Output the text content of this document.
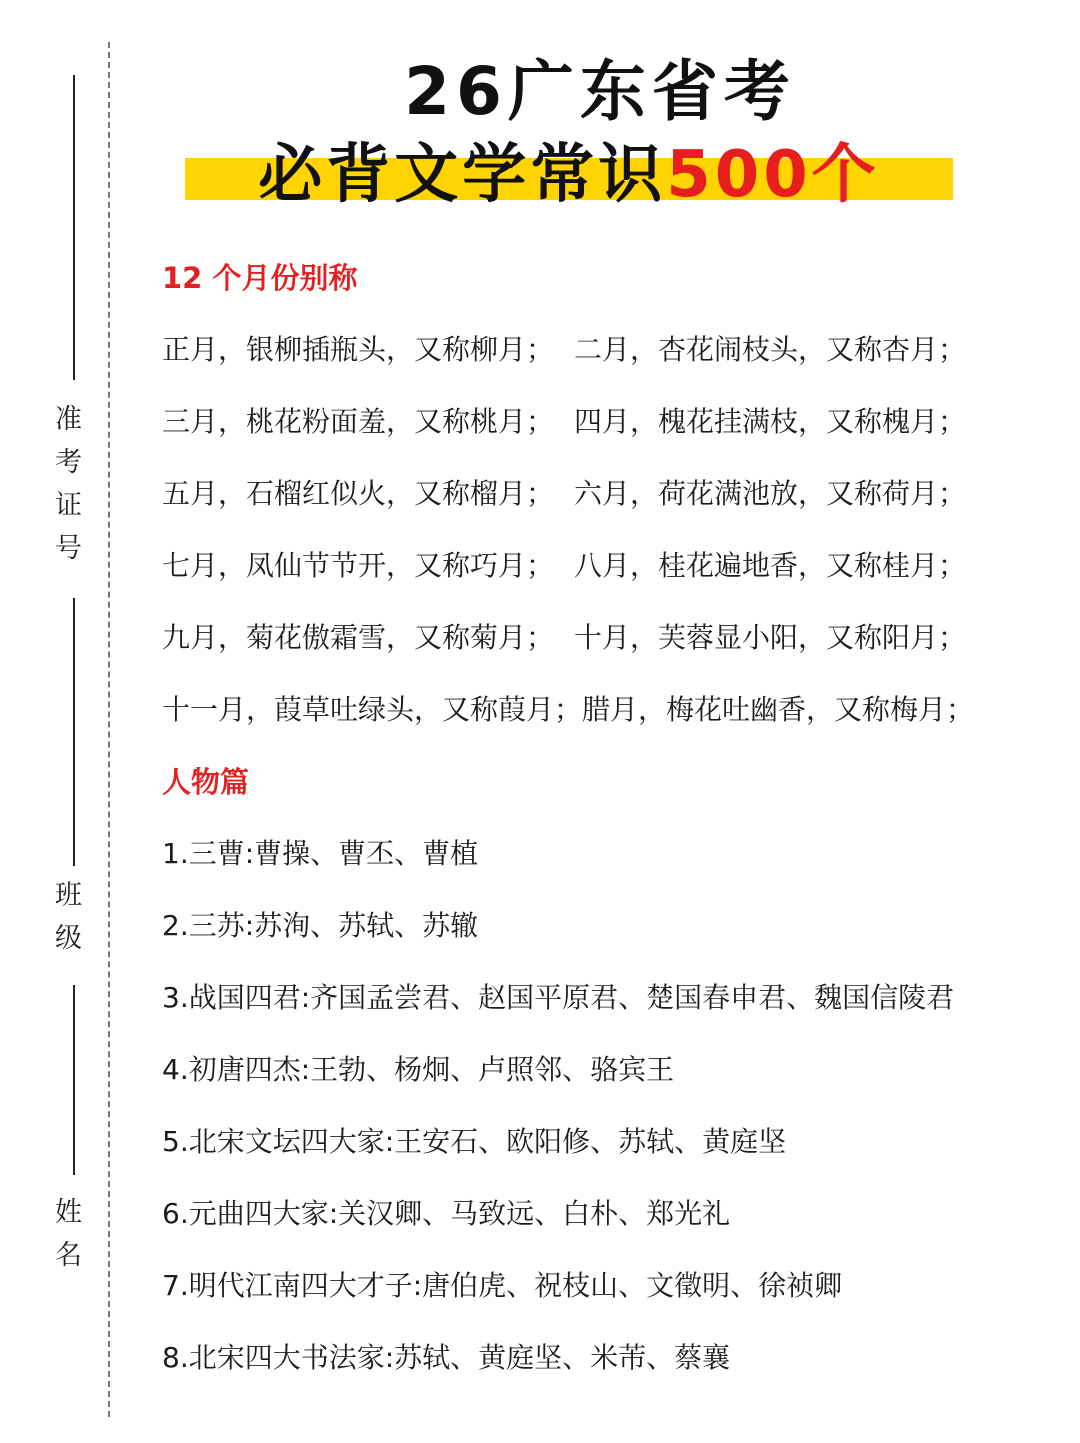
准考证号
班级
姓名
26广东省考
必背文学常识500个
12 个月份别称
正月，银柳插瓶头，又称柳月； 二月，杏花闹枝头，又称杏月；
三月，桃花粉面羞，又称桃月； 四月，槐花挂满枝，又称槐月；
五月，石榴红似火，又称榴月； 六月，荷花满池放，又称荷月；
七月，凤仙节节开，又称巧月； 八月，桂花遍地香，又称桂月；
九月，菊花傲霜雪，又称菊月； 十月，芙蓉显小阳，又称阳月；
十一月，葭草吐绿头，又称葭月；腊月，梅花吐幽香，又称梅月；
人物篇
1.三曹:曹操、曹丕、曹植
2.三苏:苏洵、苏轼、苏辙
3.战国四君:齐国孟尝君、赵国平原君、楚国春申君、魏国信陵君
4.初唐四杰:王勃、杨炯、卢照邻、骆宾王
5.北宋文坛四大家:王安石、欧阳修、苏轼、黄庭坚
6.元曲四大家:关汉卿、马致远、白朴、郑光礼
7.明代江南四大才子:唐伯虎、祝枝山、文徵明、徐祯卿
8.北宋四大书法家:苏轼、黄庭坚、米芾、蔡襄
